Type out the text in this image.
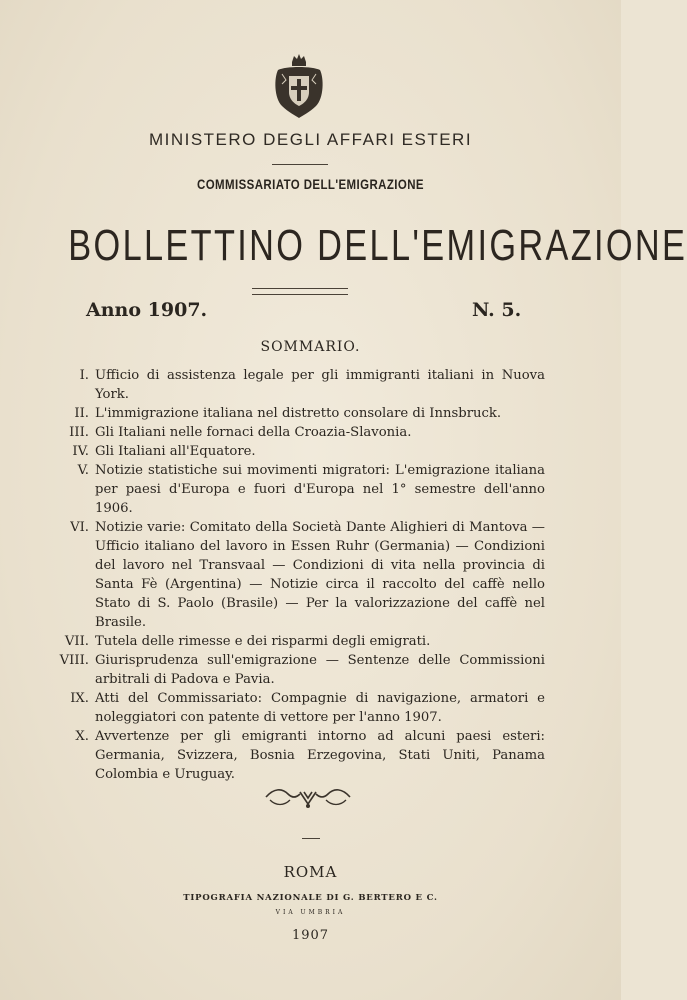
MINISTERO DEGLI AFFARI ESTERI
COMMISSARIATO DELL'EMIGRAZIONE
BOLLETTINO DELL'EMIGRAZIONE
Anno 1907.	N. 5.
SOMMARIO.
I. Ufficio di assistenza legale per gli immigranti italiani in Nuova York.
II. L'immigrazione italiana nel distretto consolare di Innsbruck.
III. Gli Italiani nelle fornaci della Croazia-Slavonia.
IV. Gli Italiani all'Equatore.
V. Notizie statistiche sui movimenti migratori: L'emigrazione italiana per paesi d'Europa e fuori d'Europa nel 1° semestre dell'anno 1906.
VI. Notizie varie: Comitato della Società Dante Alighieri di Mantova — Ufficio italiano del lavoro in Essen Ruhr (Germania) — Condizioni del lavoro nel Transvaal — Condizioni di vita nella provincia di Santa Fè (Argentina) — Notizie circa il raccolto del caffè nello Stato di S. Paolo (Brasile) — Per la valorizzazione del caffè nel Brasile.
VII. Tutela delle rimesse e dei risparmi degli emigrati.
VIII. Giurisprudenza sull'emigrazione — Sentenze delle Commissioni arbitrali di Padova e Pavia.
IX. Atti del Commissariato: Compagnie di navigazione, armatori e noleggiatori con patente di vettore per l'anno 1907.
X. Avvertenze per gli emigranti intorno ad alcuni paesi esteri: Germania, Svizzera, Bosnia Erzegovina, Stati Uniti, Panama Colombia e Uruguay.
ROMA
TIPOGRAFIA NAZIONALE DI G. BERTERO E C.
VIA UMBRIA
1907
